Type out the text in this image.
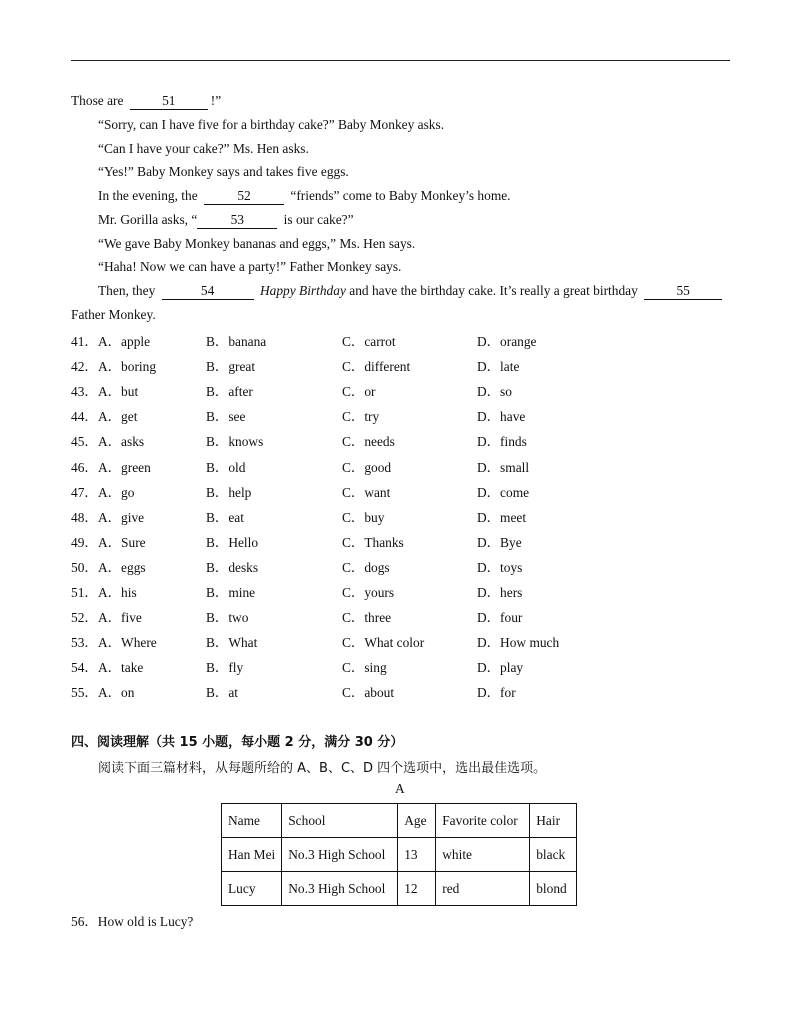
Those are	51	!”
“Sorry, can I have five for a birthday cake?” Baby Monkey asks.
“Can I have your cake?” Ms. Hen asks.
“Yes!” Baby Monkey says and takes five eggs.
In the evening, the	52	“friends” come to Baby Monkey’s home.
Mr. Gorilla asks, “ 53	is our cake?”
“We gave Baby Monkey bananas and eggs,” Ms. Hen says.
“Haha! Now we can have a party!” Father Monkey says.
Then, they	54	Happy Birthday and have the birthday cake. It’s really a great birthday	55
Father Monkey.
41． A．apple	B．banana	C．carrot	D．orange
42． A．boring	B．great	C．different	D．late
43． A．but	B．after	C．or	D．so
44． A．get	B．see	C．try	D．have
45． A．asks	B．knows	C．needs	D．finds
46． A．green	B．old	C．good	D．small
47． A．go	B．help	C．want	D．come
48． A．give	B．eat	C．buy	D．meet
49． A．Sure	B．Hello	C．Thanks	D．Bye
50． A．eggs	B．desks	C．dogs	D．toys
51． A．his	B．mine	C．yours	D．hers
52． A．five	B．two	C．three	D．four
53． A．Where	B．What	C．What color	D．How much
54． A．take	B．fly	C．sing	D．play
55． A．on	B．at	C．about	D．for
四、阅读理解（共 15 小题，每小题 2 分，满分 30 分）
阅读下面三篇材料，从每题所给的 A、B、C、D 四个选项中，选出最佳选项。
A
Name	School	Age	Favorite color	Hair
Han Mei	No.3 High School	13	white	black
Lucy	No.3 High School	12	red	blond
56．How old is Lucy?
